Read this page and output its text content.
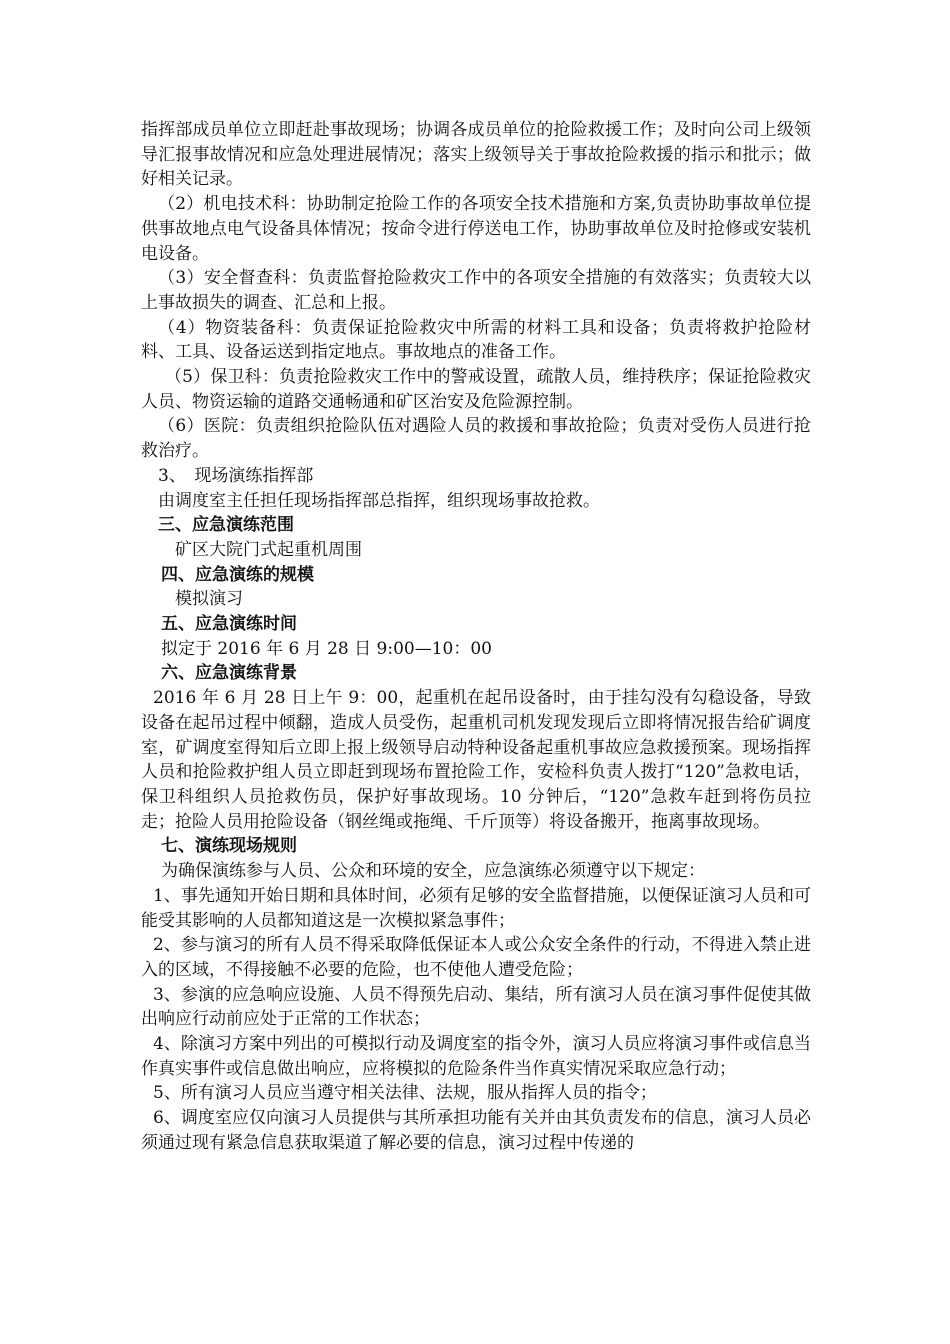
指挥部成员单位立即赶赴事故现场；协调各成员单位的抢险救援工作；及时向公司上级领导汇报事故情况和应急处理进展情况；落实上级领导关于事故抢险救援的指示和批示；做好相关记录。

（2）机电技术科：协助制定抢险工作的各项安全技术措施和方案,负责协助事故单位提供事故地点电气设备具体情况；按命令进行停送电工作，协助事故单位及时抢修或安装机电设备。

（3）安全督查科：负责监督抢险救灾工作中的各项安全措施的有效落实；负责较大以上事故损失的调查、汇总和上报。

（4）物资装备科：负责保证抢险救灾中所需的材料工具和设备；负责将救护抢险材料、工具、设备运送到指定地点。事故地点的准备工作。

（5）保卫科：负责抢险救灾工作中的警戒设置，疏散人员，维持秩序；保证抢险救灾人员、物资运输的道路交通畅通和矿区治安及危险源控制。

（6）医院：负责组织抢险队伍对遇险人员的救援和事故抢险；负责对受伤人员进行抢救治疗。

3、　现场演练指挥部

由调度室主任担任现场指挥部总指挥，组织现场事故抢救。

三、应急演练范围

矿区大院门式起重机周围

四、应急演练的规模

模拟演习

五、应急演练时间

拟定于 2016 年 6 月 28 日 9:00—10：00

六、应急演练背景

2016 年 6 月 28 日上午 9：00，起重机在起吊设备时，由于挂勾没有勾稳设备，导致设备在起吊过程中倾翻，造成人员受伤，起重机司机发现发现后立即将情况报告给矿调度室，矿调度室得知后立即上报上级领导启动特种设备起重机事故应急救援预案。现场指挥人员和抢险救护组人员立即赶到现场布置抢险工作，安检科负责人拨打“120”急救电话，保卫科组织人员抢救伤员，保护好事故现场。10 分钟后，“120”急救车赶到将伤员拉走；抢险人员用抢险设备（钢丝绳或拖绳、千斤顶等）将设备搬开，拖离事故现场。

七、演练现场规则

为确保演练参与人员、公众和环境的安全，应急演练必须遵守以下规定：

1、事先通知开始日期和具体时间，必须有足够的安全监督措施，以便保证演习人员和可能受其影响的人员都知道这是一次模拟紧急事件；

2、参与演习的所有人员不得采取降低保证本人或公众安全条件的行动，不得进入禁止进入的区域，不得接触不必要的危险，也不使他人遭受危险；

3、参演的应急响应设施、人员不得预先启动、集结，所有演习人员在演习事件促使其做出响应行动前应处于正常的工作状态；

4、除演习方案中列出的可模拟行动及调度室的指令外，演习人员应将演习事件或信息当作真实事件或信息做出响应，应将模拟的危险条件当作真实情况采取应急行动；

5、所有演习人员应当遵守相关法律、法规，服从指挥人员的指令；

6、调度室应仅向演习人员提供与其所承担功能有关并由其负责发布的信息，演习人员必须通过现有紧急信息获取渠道了解必要的信息，演习过程中传递的
